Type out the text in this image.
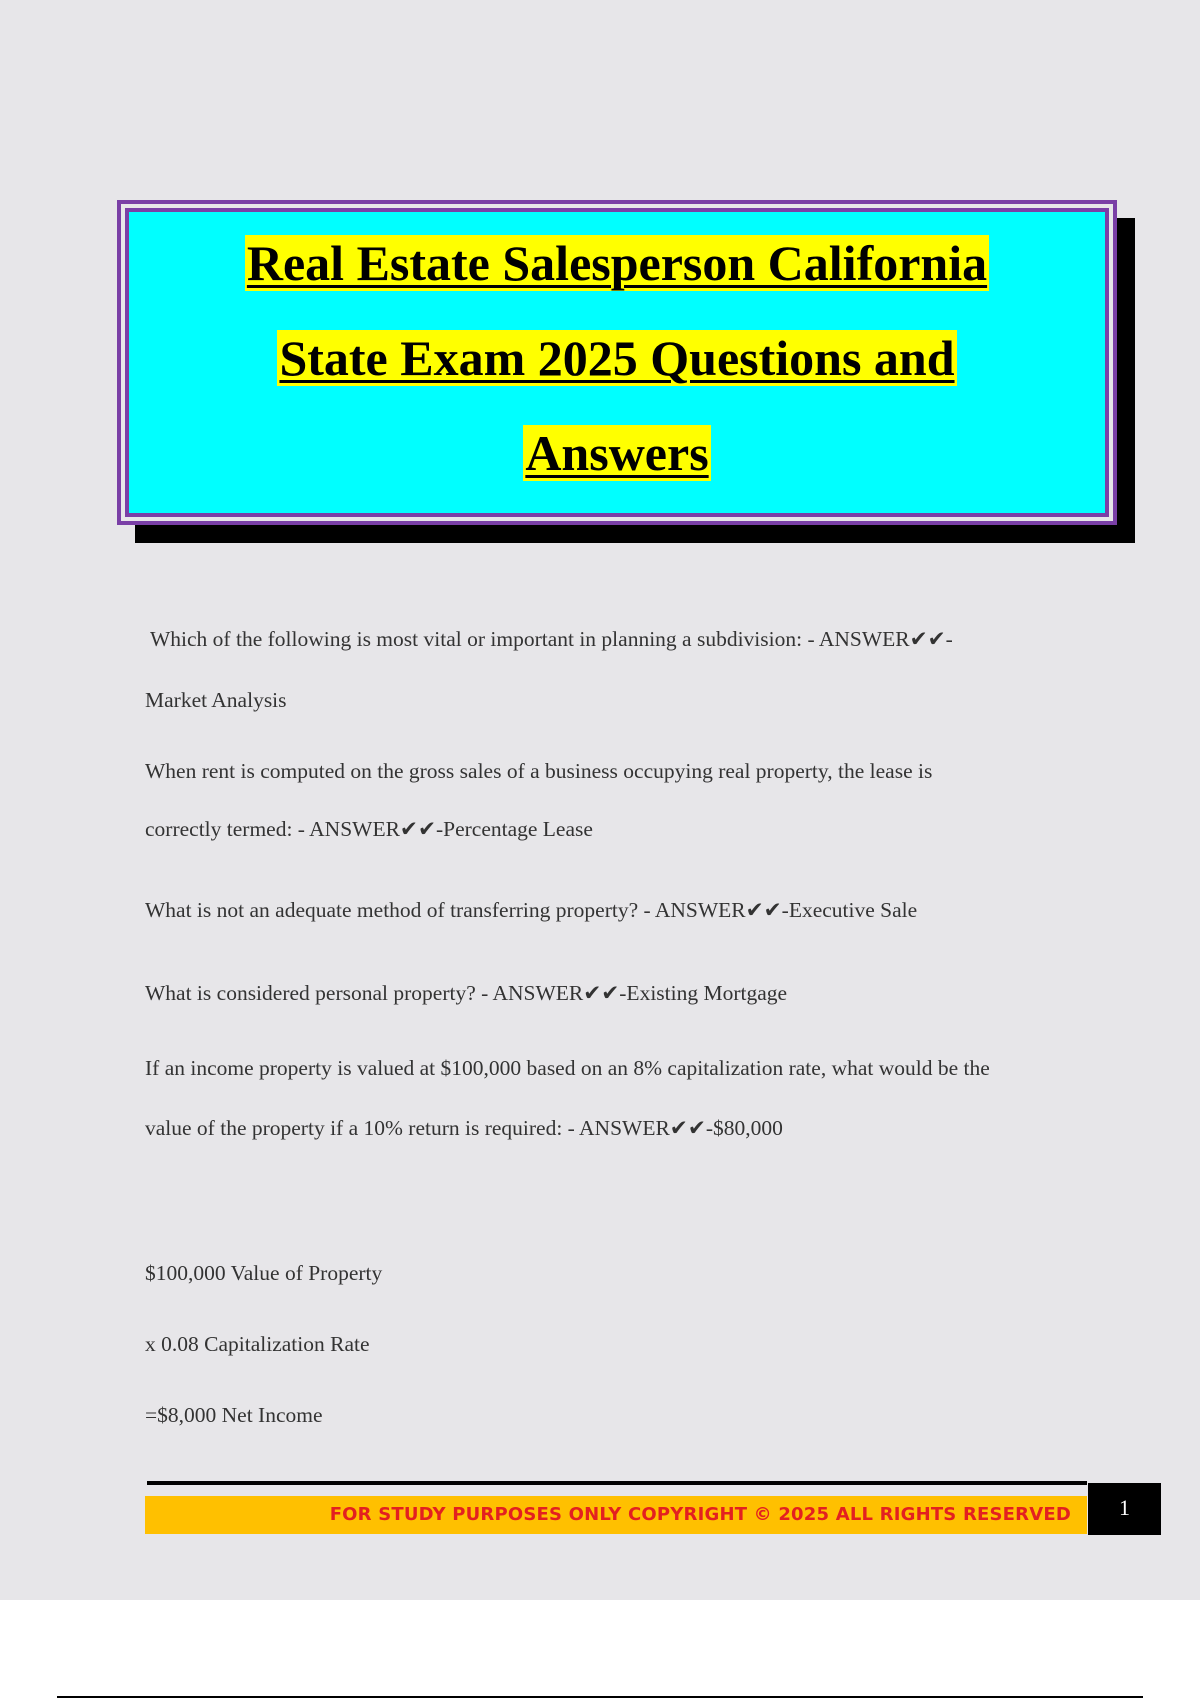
Real Estate Salesperson California
State Exam 2025 Questions and
Answers

Which of the following is most vital or important in planning a subdivision: - ANSWER✔✔-

Market Analysis

When rent is computed on the gross sales of a business occupying real property, the lease is

correctly termed: - ANSWER✔✔-Percentage Lease

What is not an adequate method of transferring property? - ANSWER✔✔-Executive Sale

What is considered personal property? - ANSWER✔✔-Existing Mortgage

If an income property is valued at $100,000 based on an 8% capitalization rate, what would be the

value of the property if a 10% return is required: - ANSWER✔✔-$80,000

$100,000 Value of Property

x 0.08 Capitalization Rate

=$8,000 Net Income

FOR STUDY PURPOSES ONLY COPYRIGHT © 2025 ALL RIGHTS RESERVED	1
